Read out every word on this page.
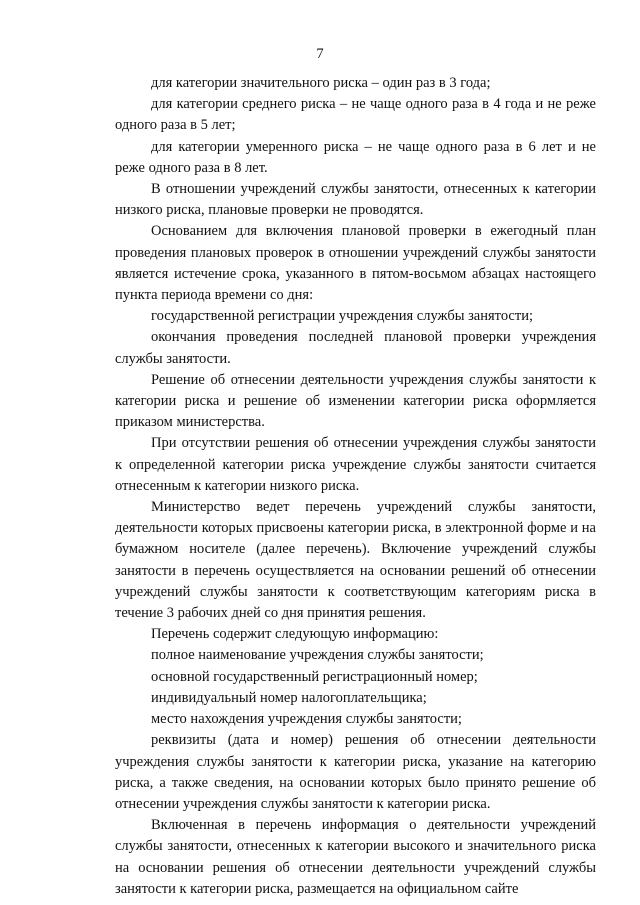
7

для категории значительного риска – один раз в 3 года;

для категории среднего риска – не чаще одного раза в 4 года и не реже одного раза в 5 лет;

для категории умеренного риска – не чаще одного раза в 6 лет и не реже одного раза в 8 лет.

В отношении учреждений службы занятости, отнесенных к категории низкого риска, плановые проверки не проводятся.

Основанием для включения плановой проверки в ежегодный план проведения плановых проверок в отношении учреждений службы занятости является истечение срока, указанного в пятом-восьмом абзацах настоящего пункта периода времени со дня:

государственной регистрации учреждения службы занятости;

окончания проведения последней плановой проверки учреждения службы занятости.

Решение об отнесении деятельности учреждения службы занятости к категории риска и решение об изменении категории риска оформляется приказом министерства.

При отсутствии решения об отнесении учреждения службы занятости к определенной категории риска учреждение службы занятости считается отнесенным к категории низкого риска.

Министерство ведет перечень учреждений службы занятости, деятельности которых присвоены категории риска, в электронной форме и на бумажном носителе (далее перечень). Включение учреждений службы занятости в перечень осуществляется на основании решений об отнесении учреждений службы занятости к соответствующим категориям риска в течение 3 рабочих дней со дня принятия решения.

Перечень содержит следующую информацию:

полное наименование учреждения службы занятости;

основной государственный регистрационный номер;

индивидуальный номер налогоплательщика;

место нахождения учреждения службы занятости;

реквизиты (дата и номер) решения об отнесении деятельности учреждения службы занятости к категории риска, указание на категорию риска, а также сведения, на основании которых было принято решение об отнесении учреждения службы занятости к категории риска.

Включенная в перечень информация о деятельности учреждений службы занятости, отнесенных к категории высокого и значительного риска на основании решения об отнесении деятельности учреждений службы занятости к категории риска, размещается на официальном сайте
